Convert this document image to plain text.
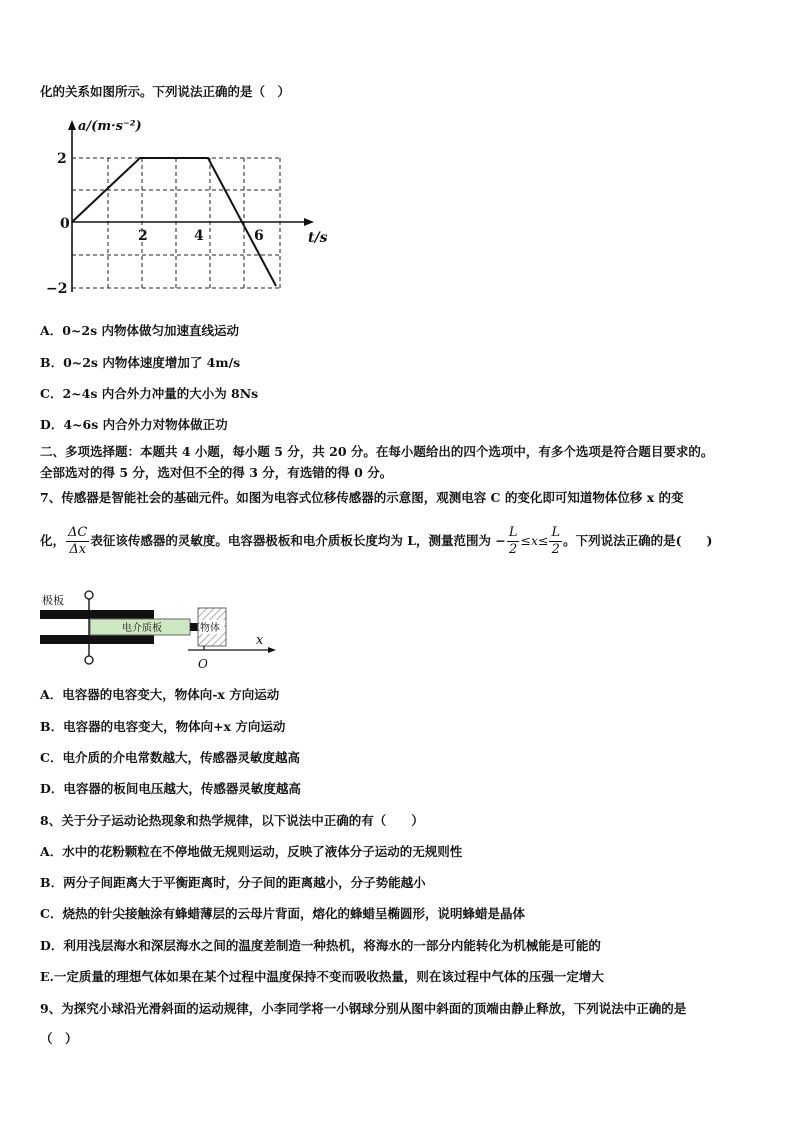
化的关系如图所示。下列说法正确的是（　）
a/(m·s⁻²)
t/s
2
0
−2
2	4	6
A．0~2s 内物体做匀加速直线运动
B．0~2s 内物体速度增加了 4m/s
C．2~4s 内合外力冲量的大小为 8Ns
D．4~6s 内合外力对物体做正功
二、多项选择题：本题共 4 小题，每小题 5 分，共 20 分。在每小题给出的四个选项中，有多个选项是符合题目要求的。
全部选对的得 5 分，选对但不全的得 3 分，有选错的得 0 分。
7、传感器是智能社会的基础元件。如图为电容式位移传感器的示意图，观测电容 C 的变化即可知道物体位移 x 的变
化， $\frac{\Delta C}{\Delta x}$ 表征该传感器的灵敏度。电容器极板和电介质板长度均为 L，测量范围为 − $\frac{L}{2} \le x\le \frac{L}{2}$ 。下列说法正确的是(　　)
极板
电介质板	物体
O
x
A．电容器的电容变大，物体向-x 方向运动
B．电容器的电容变大，物体向+x 方向运动
C．电介质的介电常数越大，传感器灵敏度越高
D．电容器的板间电压越大，传感器灵敏度越高
8、关于分子运动论热现象和热学规律，以下说法中正确的有（　　）
A．水中的花粉颗粒在不停地做无规则运动，反映了液体分子运动的无规则性
B．两分子间距离大于平衡距离时，分子间的距离越小，分子势能越小
C．烧热的针尖接触涂有蜂蜡薄层的云母片背面，熔化的蜂蜡呈椭圆形，说明蜂蜡是晶体
D．利用浅层海水和深层海水之间的温度差制造一种热机，将海水的一部分内能转化为机械能是可能的
E.一定质量的理想气体如果在某个过程中温度保持不变而吸收热量，则在该过程中气体的压强一定增大
9、为探究小球沿光滑斜面的运动规律，小李同学将一小钢球分别从图中斜面的顶端由静止释放，下列说法中正确的是
（　）
